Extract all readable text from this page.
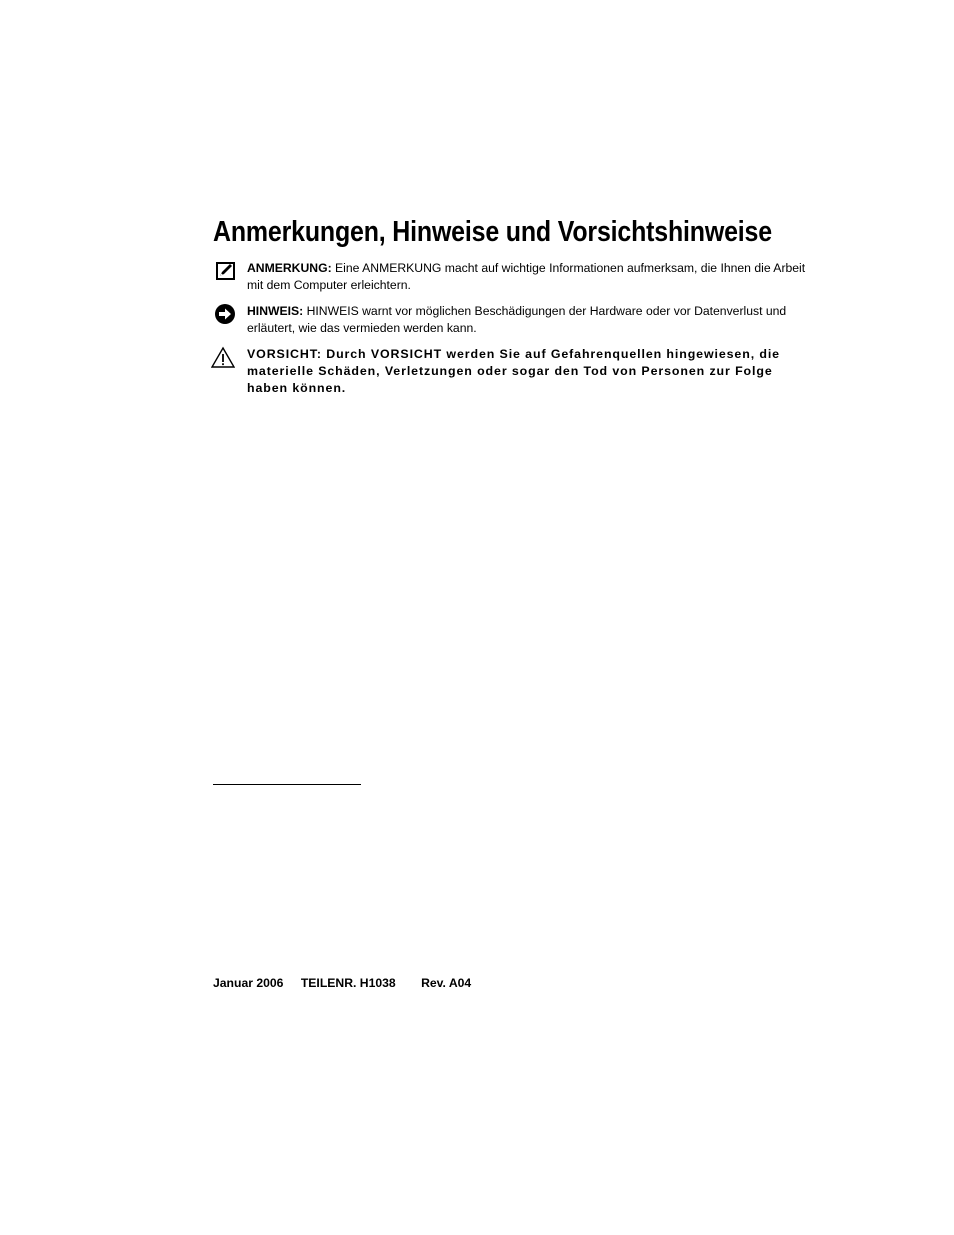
Anmerkungen, Hinweise und Vorsichtshinweise
ANMERKUNG: Eine ANMERKUNG macht auf wichtige Informationen aufmerksam, die Ihnen die Arbeit mit dem Computer erleichtern.
HINWEIS: HINWEIS warnt vor möglichen Beschädigungen der Hardware oder vor Datenverlust und erläutert, wie das vermieden werden kann.
VORSICHT: Durch VORSICHT werden Sie auf Gefahrenquellen hingewiesen, die materielle Schäden, Verletzungen oder sogar den Tod von Personen zur Folge haben können.
Januar 2006 TEILENR. H1038 Rev. A04
